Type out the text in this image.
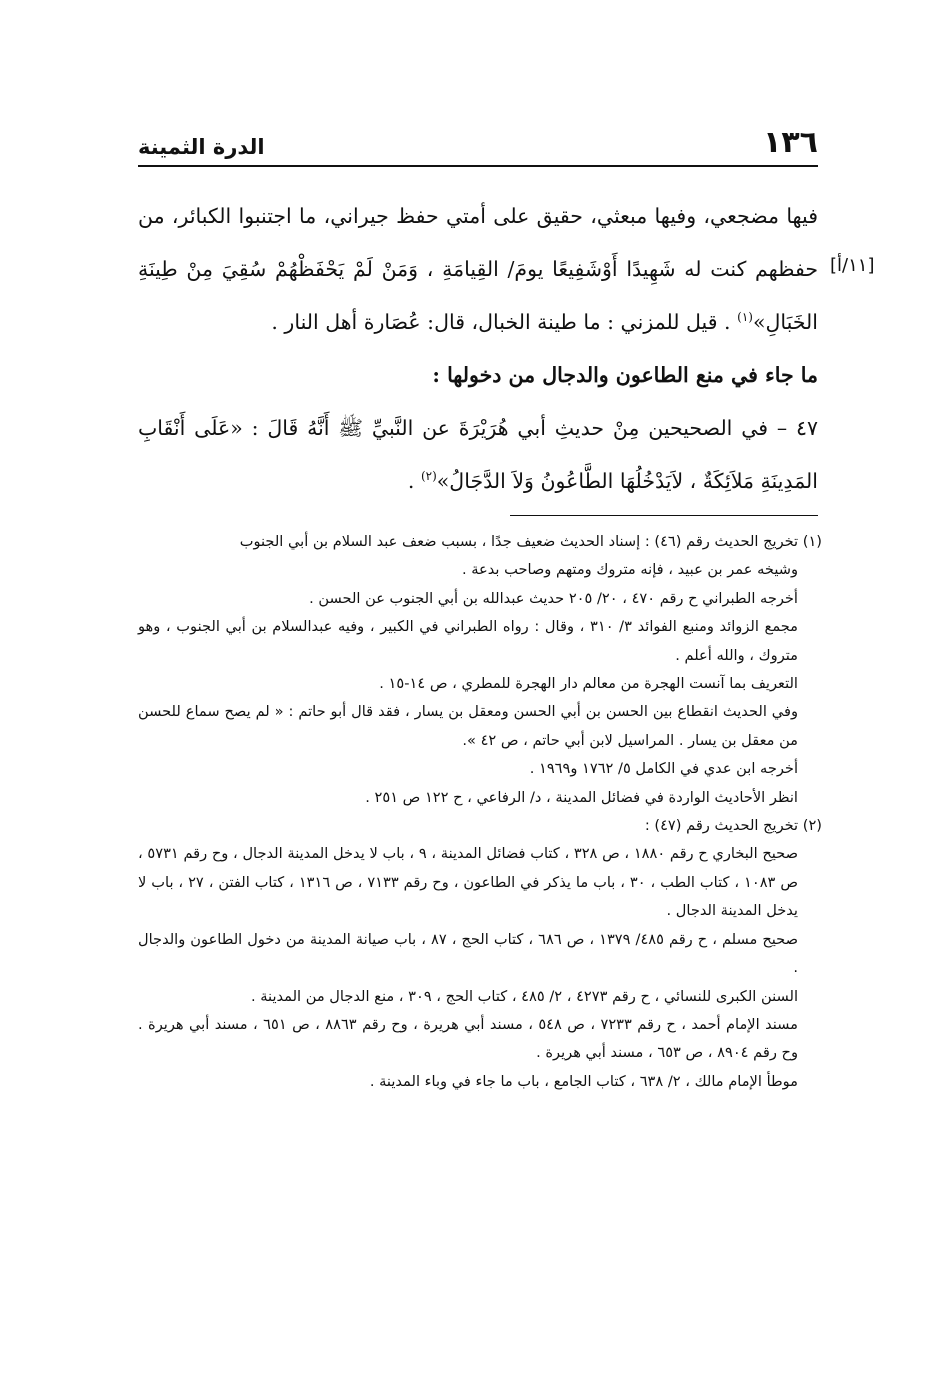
١٣٦
الدرة الثمينة
[١١/أ]

فيها مضجعي، وفيها مبعثي، حقيق على أمتي حفظ جيراني، ما اجتنبوا الكبائر، من حفظهم كنت له شَهِيدًا أَوْشَفِيعًا يومَ/ القِيامَةِ ، وَمَنْ لَمْ يَحْفَظْهُمْ سُقِيَ مِنْ طِينَةِ الخَبَالِ»$^{(١)}$ . قيل للمزني : ما طينة الخبال، قال: عُصَارة أهل النار .

ما جاء في منع الطاعون والدجال من دخولها :

٤٧ – في الصحيحين مِنْ حديثِ أبي هُرَيْرَةَ عن النَّبيِّ ﷺ أَنَّهُ قَالَ : «عَلَى أَنْقَابِ المَدِينَةِ مَلاَئِكَةٌ ، لاَيَدْخُلُهَا الطَّاعُونُ وَلاَ الدَّجَالُ»$^{(٢)}$ .

(١) تخريج الحديث رقم (٤٦) : إسناد الحديث ضعيف جدًا ، بسبب ضعف عبد السلام بن أبي الجنوب

وشيخه عمر بن عبيد ، فإنه متروك ومتهم وصاحب بدعة .

أخرجه الطبراني ح رقم ٤٧٠ ، ٢٠/ ٢٠٥ حديث عبدالله بن أبي الجنوب عن الحسن .

مجمع الزوائد ومنبع الفوائد ٣/ ٣١٠ ، وقال : رواه الطبراني في الكبير ، وفيه عبدالسلام بن أبي الجنوب ، وهو متروك ، والله أعلم .

التعريف بما آنست الهجرة من معالم دار الهجرة للمطري ، ص ١٤-١٥ .

وفي الحديث انقطاع بين الحسن بن أبي الحسن ومعقل بن يسار ، فقد قال أبو حاتم : « لم يصح سماع للحسن من معقل بن يسار . المراسيل لابن أبي حاتم ، ص ٤٢ ».

أخرجه ابن عدي في الكامل ٥/ ١٧٦٢ و١٩٦٩ .

انظر الأحاديث الواردة في فضائل المدينة ، د/ الرفاعي ، ح ١٢٢ ص ٢٥١ .

(٢) تخريج الحديث رقم (٤٧) :

صحيح البخاري ح رقم ١٨٨٠ ، ص ٣٢٨ ، كتاب فضائل المدينة ، ٩ ، باب لا يدخل المدينة الدجال ، وح رقم ٥٧٣١ ، ص ١٠٨٣ ، كتاب الطب ، ٣٠ ، باب ما يذكر في الطاعون ، وح رقم ٧١٣٣ ، ص ١٣١٦ ، كتاب الفتن ، ٢٧ ، باب لا يدخل المدينة الدجال .

صحيح مسلم ، ح رقم ٤٨٥/ ١٣٧٩ ، ص ٦٨٦ ، كتاب الحج ، ٨٧ ، باب صيانة المدينة من دخول الطاعون والدجال .

السنن الكبرى للنسائي ، ح رقم ٤٢٧٣ ، ٢/ ٤٨٥ ، كتاب الحج ، ٣٠٩ ، منع الدجال من المدينة .

مسند الإمام أحمد ، ح رقم ٧٢٣٣ ، ص ٥٤٨ ، مسند أبي هريرة ، وح رقم ٨٨٦٣ ، ص ٦٥١ ، مسند أبي هريرة . وح رقم ٨٩٠٤ ، ص ٦٥٣ ، مسند أبي هريرة .

موطأ الإمام مالك ، ٢/ ٦٣٨ ، كتاب الجامع ، باب ما جاء في وباء المدينة .
